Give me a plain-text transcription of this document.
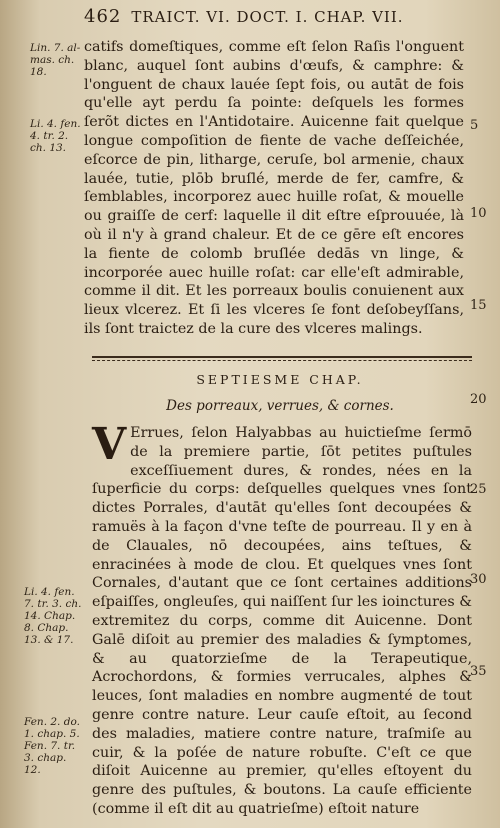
462 TRAICT. VI. DOCT. I. CHAP. VII.
Lin. 7. al- mas. ch. 18.
Li. 4. fen. 4. tr. 2. ch. 13.
Li. 4. fen. 7. tr. 3. ch. 14. Chap. 8. Chap. 13. & 17.
Fen. 2. do. 1. chap. 5. Fen. 7. tr. 3. chap. 12.
5
10
15
20
25
30
35

catifs domeſtiques, comme eſt ſelon Raſis l'onguent blanc, auquel ſont aubins d'œufs, & camphre: & l'onguent de chaux lauée ſept fois, ou autāt de fois qu'elle ayt perdu ſa pointe: deſquels les formes ſerõt dictes en l'Antidotaire. Auicenne fait quelque longue compoſition de fiente de vache deſſeichée, eſcorce de pin, litharge, ceruſe, bol armenie, chaux lauée, tutie, plōb bruſlé, merde de fer, camfre, & ſemblables, incorporez auec huille roſat, & mouelle ou graiſſe de cerf: laquelle il dit eſtre eſprouuée, là où il n'y à grand chaleur. Et de ce gēre eſt encores la fiente de colomb bruſlée dedās vn linge, & incorporée auec huille roſat: car elle'eſt admirable, comme il dit. Et les porreaux boulis conuienent aux lieux vlcerez. Et ſi les vlceres ſe font deſobeyſſans, ils ſont traictez de la cure des vlceres malings.

SEPTIESME CHAP.
Des porreaux, verrues, & cornes.
V Errues, ſelon Halyabbas au huictieſme ſermō de la premiere partie, ſōt petites puſtules exceſſiuement dures, & rondes, nées en la ſuperficie du corps: deſquelles quelques vnes ſont dictes Porrales, d'autāt qu'elles ſont decoupées & ramuës à la façon d'vne teſte de pourreau. Il y en à de Clauales, nō decoupées, ains teſtues, & enracinées à mode de clou. Et quelques vnes ſont Cornales, d'autant que ce ſont certaines additions eſpaiſſes, ongleuſes, qui naiſſent ſur les ioinctures & extremitez du corps, comme dit Auicenne. Dont Galē diſoit au premier des maladies & ſymptomes, & au quatorzieſme de la Terapeutique, Acrochordons, & formies verrucales, alphes & leuces, ſont maladies en nombre augmenté de tout genre contre nature. Leur cauſe eſtoit, au ſecond des maladies, matiere contre nature, traſmiſe au cuir, & la poſée de nature robuſte. C'eſt ce que diſoit Auicenne au premier, qu'elles eſtoyent du genre des puſtules, & boutons. La cauſe efficiente (comme il eſt dit au quatrieſme) eſtoit nature
